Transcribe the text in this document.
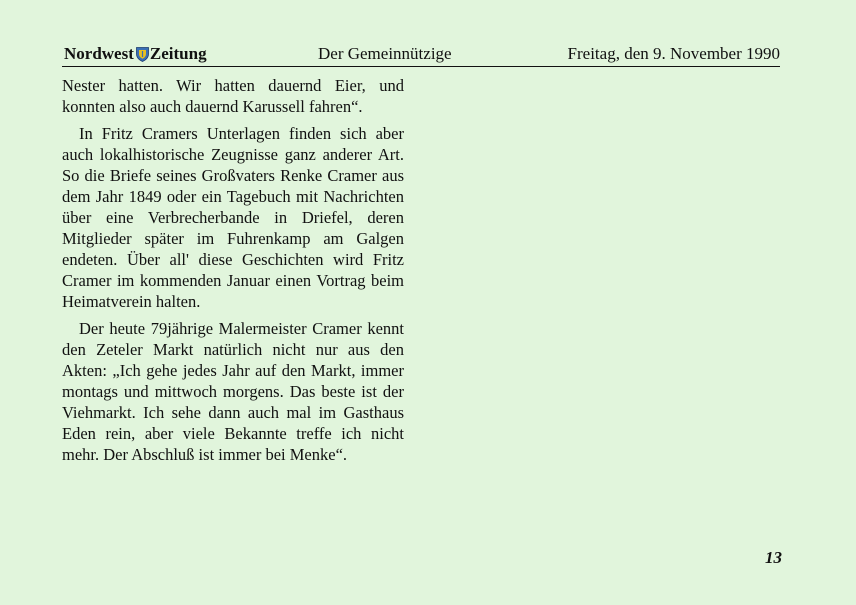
Nordwest Zeitung	Der Gemeinnützige	Freitag, den 9. November 1990

Nester hatten. Wir hatten dauernd Eier, und konnten also auch dauernd Karussell fahren“.

In Fritz Cramers Unterlagen finden sich aber auch lokalhistorische Zeugnisse ganz anderer Art. So die Briefe seines Großvaters Renke Cramer aus dem Jahr 1849 oder ein Tagebuch mit Nachrichten über eine Verbrecherbande in Driefel, deren Mitglieder später im Fuhrenkamp am Galgen endeten. Über all' diese Geschichten wird Fritz Cramer im kommenden Januar einen Vortrag beim Heimatverein halten.

Der heute 79jährige Malermeister Cramer kennt den Zeteler Markt natürlich nicht nur aus den Akten: „Ich gehe jedes Jahr auf den Markt, immer montags und mittwoch morgens. Das beste ist der Viehmarkt. Ich sehe dann auch mal im Gasthaus Eden rein, aber viele Bekannte treffe ich nicht mehr. Der Abschluß ist immer bei Menke“.

13
